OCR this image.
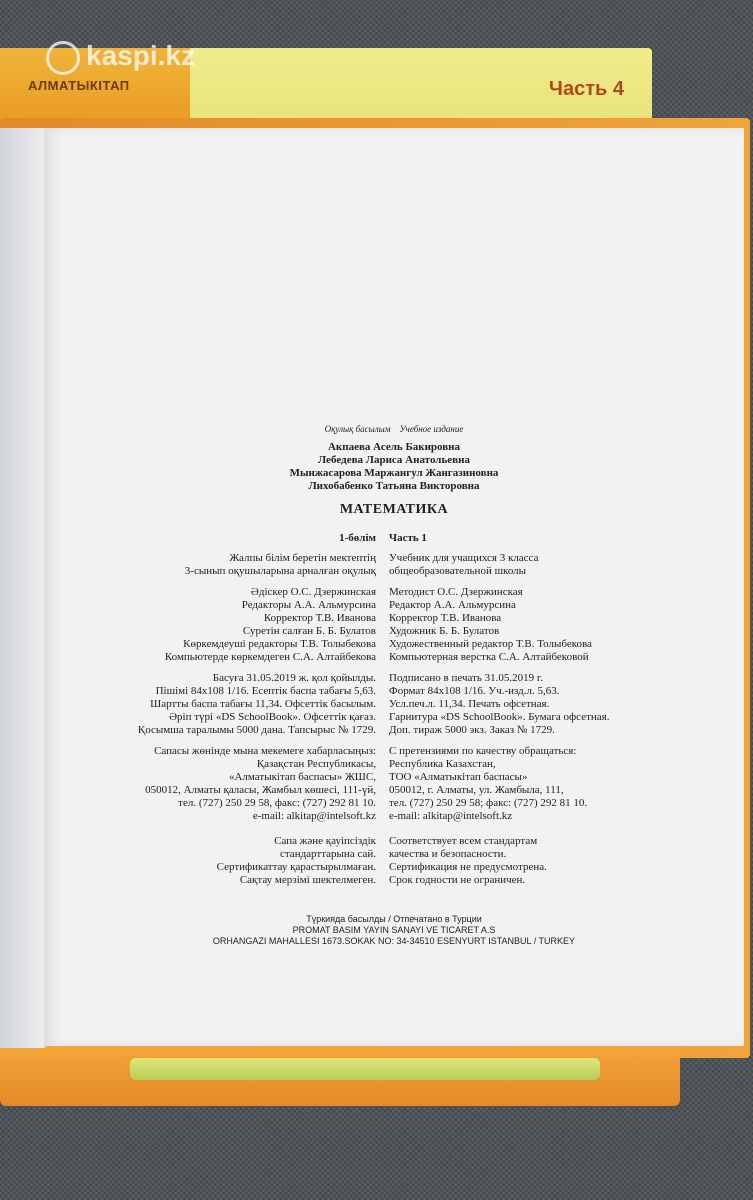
АЛМАТЫКІТАП	Часть 4
kaspi.kz
Оқулық басылым Учебное издание
Акпаева Асель Бакировна
Лебедева Лариса Анатольевна
Мынжасарова Маржангул Жангазиновна
Лихобабенко Татьяна Викторовна
МАТЕМАТИКА
1-бөлім Часть 1
Жалпы білім беретін мектептің
3-сынып оқушыларына арналған оқулық
Учебник для учащихся 3 класса
общеобразовательной школы
Әдіскер О.С. Дзержинская
Редакторы А.А. Альмурсина
Корректор Т.В. Иванова
Суретін салған Б. Б. Булатов
Көркемдеуші редакторы Т.В. Толыбекова
Компьютерде көркемдеген С.А. Алтайбекова
Методист О.С. Дзержинская
Редактор А.А. Альмурсина
Корректор Т.В. Иванова
Художник Б. Б. Булатов
Художественный редактор Т.В. Толыбекова
Компьютерная верстка С.А. Алтайбековой
Басуға 31.05.2019 ж. қол қойылды.
Пішімі 84х108 1/16. Есептік баспа табағы 5,63.
Шартты баспа табағы 11,34. Офсеттік басылым.
Әріп түрі «DS SchoolBook». Офсеттік қағаз.
Қосымша таралымы 5000 дана. Тапсырыс № 1729.
Подписано в печать 31.05.2019 г.
Формат 84х108 1/16. Уч.-изд.л. 5,63.
Усл.печ.л. 11,34. Печать офсетная.
Гарнитура «DS SchoolBook». Бумага офсетная.
Доп. тираж 5000 экз. Заказ № 1729.
Сапасы жөнінде мына мекемеге хабарласыңыз:
Қазақстан Республикасы,
«Алматыкітап баспасы» ЖШС,
050012, Алматы қаласы, Жамбыл көшесі, 111-үй,
тел. (727) 250 29 58, факс: (727) 292 81 10.
e-mail: alkitap@intelsoft.kz
С претензиями по качеству обращаться:
Республика Казахстан,
ТОО «Алматыкітап баспасы»
050012, г. Алматы, ул. Жамбыла, 111,
тел. (727) 250 29 58; факс: (727) 292 81 10.
e-mail: alkitap@intelsoft.kz
Сапа және қауіпсіздік
стандарттарына сай.
Сертификаттау қарастырылмаған.
Сақтау мерзімі шектелмеген.
Соответствует всем стандартам
качества и безопасности.
Сертификация не предусмотрена.
Срок годности не ограничен.
Түркияда басылды / Отпечатано в Турции
PROMAT BASIM YAYIN SANAYI VE TICARET A.S
ORHANGAZI MAHALLESI 1673.SOKAK NO: 34-34510 ESENYURT ISTANBUL / TURKEY
